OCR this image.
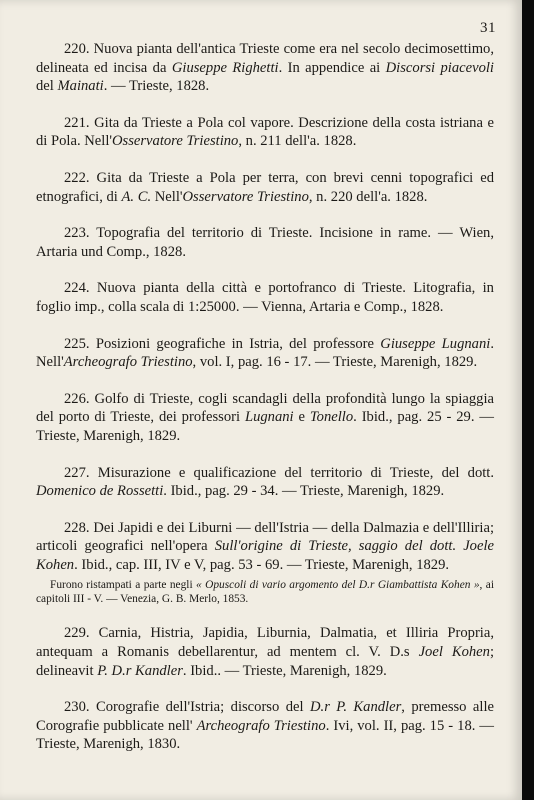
31

220. Nuova pianta dell'antica Trieste come era nel secolo decimosettimo, delineata ed incisa da Giuseppe Righetti. In appendice ai Discorsi piacevoli del Mainati. — Trieste, 1828.

221. Gita da Trieste a Pola col vapore. Descrizione della costa istriana e di Pola. Nell'Osservatore Triestino, n. 211 dell'a. 1828.

222. Gita da Trieste a Pola per terra, con brevi cenni topografici ed etnografici, di A. C. Nell'Osservatore Triestino, n. 220 dell'a. 1828.

223. Topografia del territorio di Trieste. Incisione in rame. — Wien, Artaria und Comp., 1828.

224. Nuova pianta della città e portofranco di Trieste. Litografia, in foglio imp., colla scala di 1:25000. — Vienna, Artaria e Comp., 1828.

225. Posizioni geografiche in Istria, del professore Giuseppe Lugnani. Nell'Archeografo Triestino, vol. I, pag. 16 - 17. — Trieste, Marenigh, 1829.

226. Golfo di Trieste, cogli scandagli della profondità lungo la spiaggia del porto di Trieste, dei professori Lugnani e Tonello. Ibid., pag. 25 - 29. — Trieste, Marenigh, 1829.

227. Misurazione e qualificazione del territorio di Trieste, del dott. Domenico de Rossetti. Ibid., pag. 29 - 34. — Trieste, Marenigh, 1829.

228. Dei Japidi e dei Liburni — dell'Istria — della Dalmazia e dell'Illiria; articoli geografici nell'opera Sull'origine di Trieste, saggio del dott. Joele Kohen. Ibid., cap. III, IV e V, pag. 53 - 69. — Trieste, Marenigh, 1829.

Furono ristampati a parte negli « Opuscoli di vario argomento del D.r Giambattista Kohen », ai capitoli III - V. — Venezia, G. B. Merlo, 1853.

229. Carnia, Histria, Japidia, Liburnia, Dalmatia, et Illiria Propria, antequam a Romanis debellarentur, ad mentem cl. V. D.s Joel Kohen; delineavit P. D.r Kandler. Ibid.. — Trieste, Marenigh, 1829.

230. Corografie dell'Istria; discorso del D.r P. Kandler, premesso alle Corografie pubblicate nell' Archeografo Triestino. Ivi, vol. II, pag. 15 - 18. — Trieste, Marenigh, 1830.
